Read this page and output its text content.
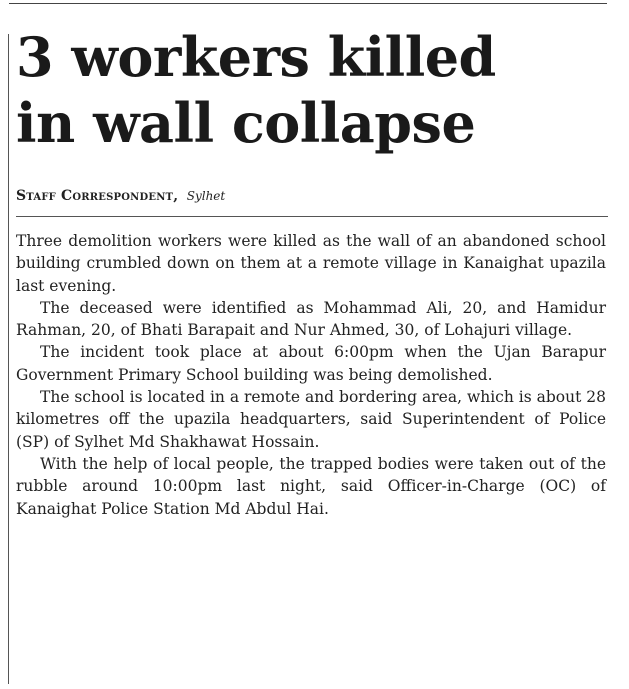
3 workers killed
in wall collapse
Staff Correspondent, Sylhet

Three demolition workers were killed as the wall of an abandoned school building crumbled down on them at a remote village in Kanaighat upazila last evening.

The deceased were identified as Mohammad Ali, 20, and Hamidur Rahman, 20, of Bhati Barapait and Nur Ahmed, 30, of Lohajuri village.

The incident took place at about 6:00pm when the Ujan Barapur Government Primary School building was being demolished.

The school is located in a remote and bordering area, which is about 28 kilometres off the upazila headquarters, said Superintendent of Police (SP) of Sylhet Md Shakhawat Hossain.

With the help of local people, the trapped bodies were taken out of the rubble around 10:00pm last night, said Officer-in-Charge (OC) of Kanaighat Police Station Md Abdul Hai.
